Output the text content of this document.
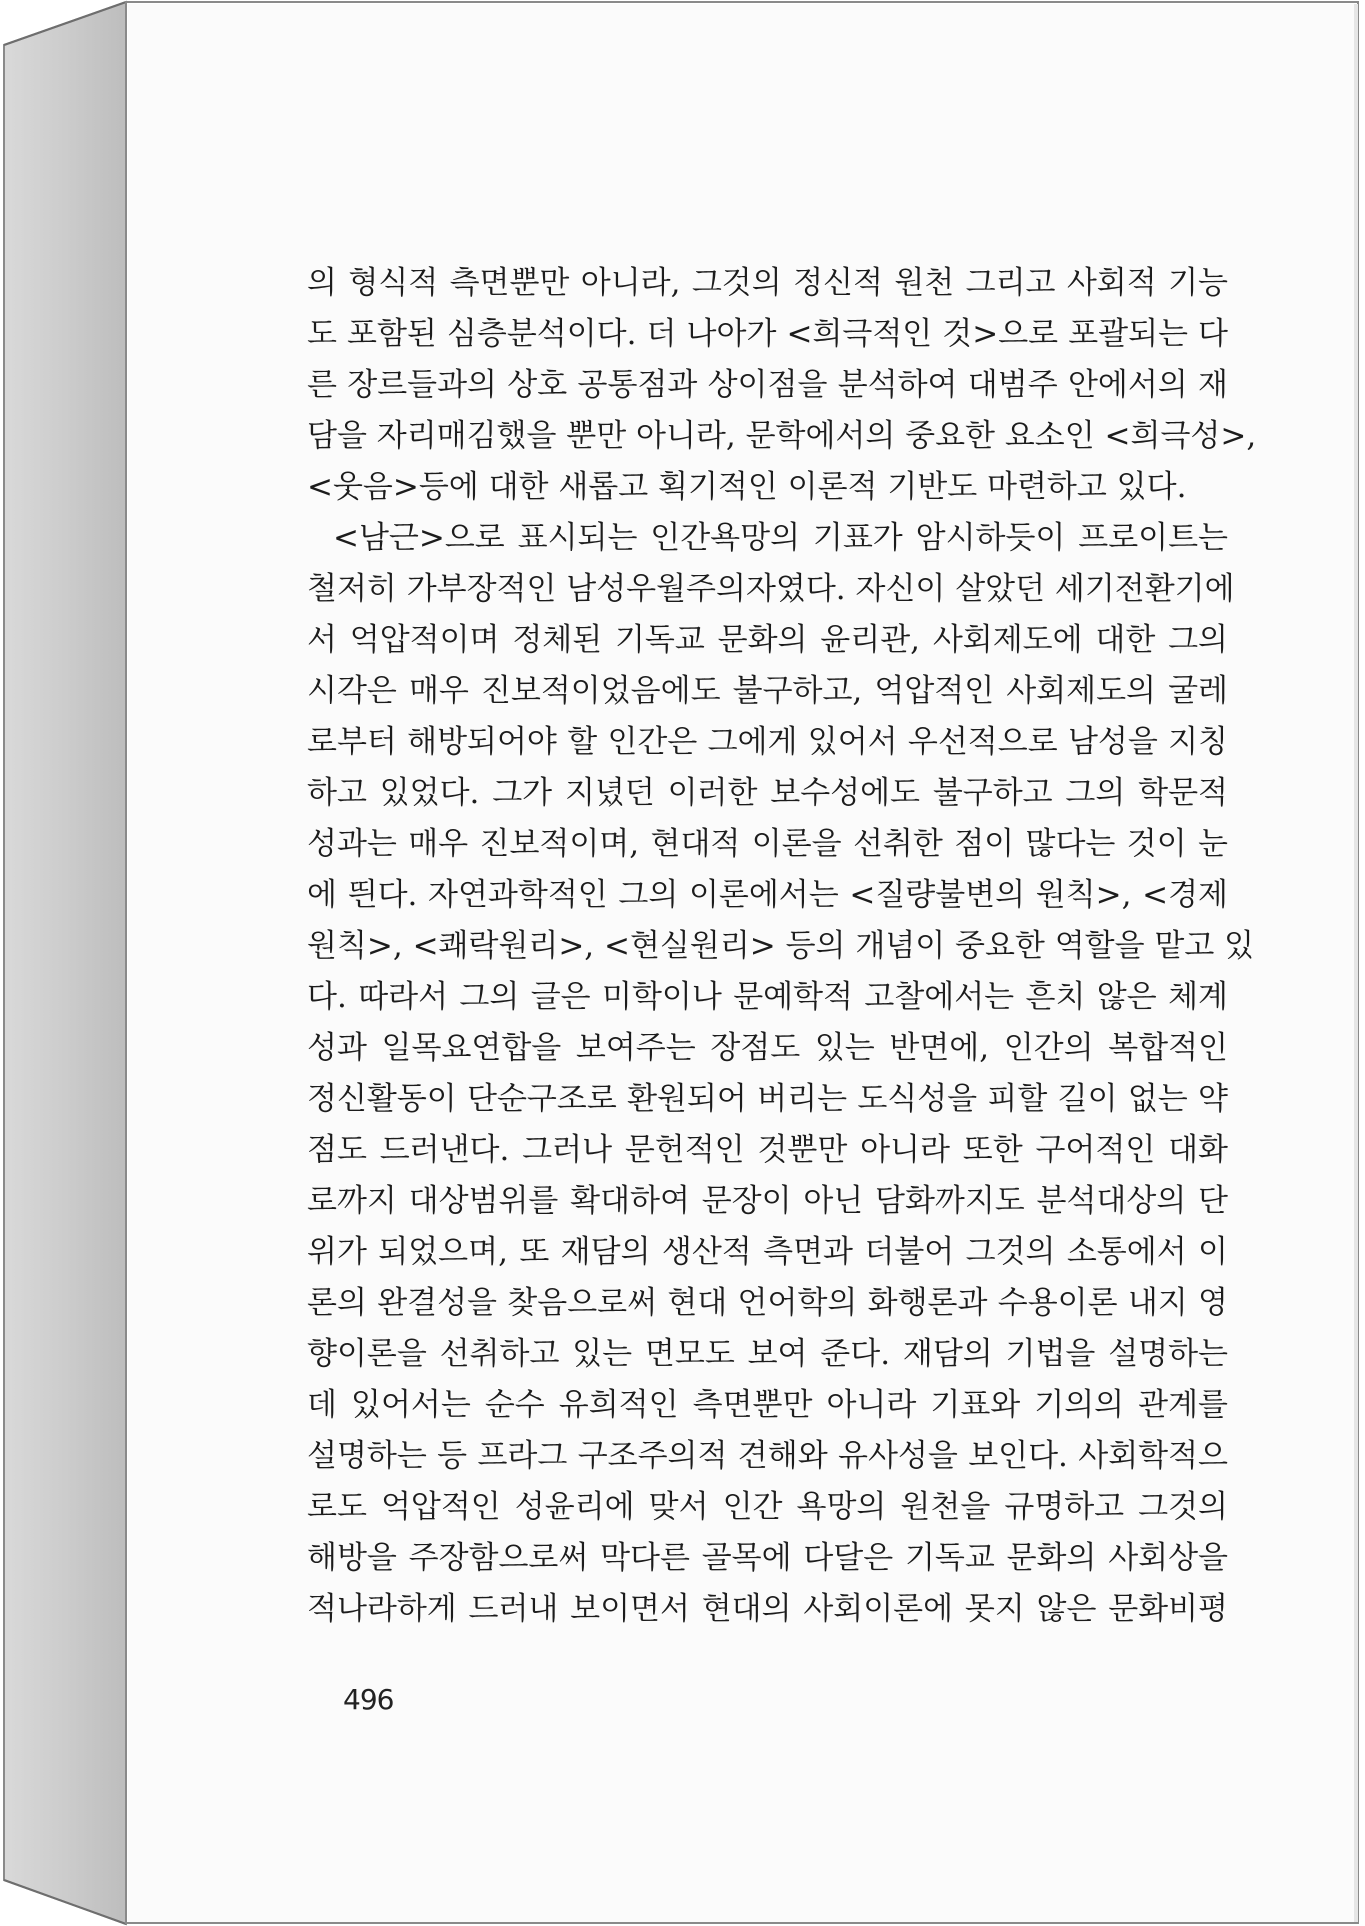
의 형식적 측면뿐만 아니라, 그것의 정신적 원천 그리고 사회적 기능
도 포함된 심층분석이다. 더 나아가 <희극적인 것>으로 포괄되는 다
른 장르들과의 상호 공통점과 상이점을 분석하여 대범주 안에서의 재
담을 자리매김했을 뿐만 아니라, 문학에서의 중요한 요소인 <희극성>,
<웃음>등에 대한 새롭고 획기적인 이론적 기반도 마련하고 있다.
<남근>으로 표시되는 인간욕망의 기표가 암시하듯이 프로이트는
철저히 가부장적인 남성우월주의자였다. 자신이 살았던 세기전환기에
서 억압적이며 정체된 기독교 문화의 윤리관, 사회제도에 대한 그의
시각은 매우 진보적이었음에도 불구하고, 억압적인 사회제도의 굴레
로부터 해방되어야 할 인간은 그에게 있어서 우선적으로 남성을 지칭
하고 있었다. 그가 지녔던 이러한 보수성에도 불구하고 그의 학문적
성과는 매우 진보적이며, 현대적 이론을 선취한 점이 많다는 것이 눈
에 띈다. 자연과학적인 그의 이론에서는 <질량불변의 원칙>, <경제
원칙>, <쾌락원리>, <현실원리> 등의 개념이 중요한 역할을 맡고 있
다. 따라서 그의 글은 미학이나 문예학적 고찰에서는 흔치 않은 체계
성과 일목요연합을 보여주는 장점도 있는 반면에, 인간의 복합적인
정신활동이 단순구조로 환원되어 버리는 도식성을 피할 길이 없는 약
점도 드러낸다. 그러나 문헌적인 것뿐만 아니라 또한 구어적인 대화
로까지 대상범위를 확대하여 문장이 아닌 담화까지도 분석대상의 단
위가 되었으며, 또 재담의 생산적 측면과 더불어 그것의 소통에서 이
론의 완결성을 찾음으로써 현대 언어학의 화행론과 수용이론 내지 영
향이론을 선취하고 있는 면모도 보여 준다. 재담의 기법을 설명하는
데 있어서는 순수 유희적인 측면뿐만 아니라 기표와 기의의 관계를
설명하는 등 프라그 구조주의적 견해와 유사성을 보인다. 사회학적으
로도 억압적인 성윤리에 맞서 인간 욕망의 원천을 규명하고 그것의
해방을 주장함으로써 막다른 골목에 다달은 기독교 문화의 사회상을
적나라하게 드러내 보이면서 현대의 사회이론에 못지 않은 문화비평
496
